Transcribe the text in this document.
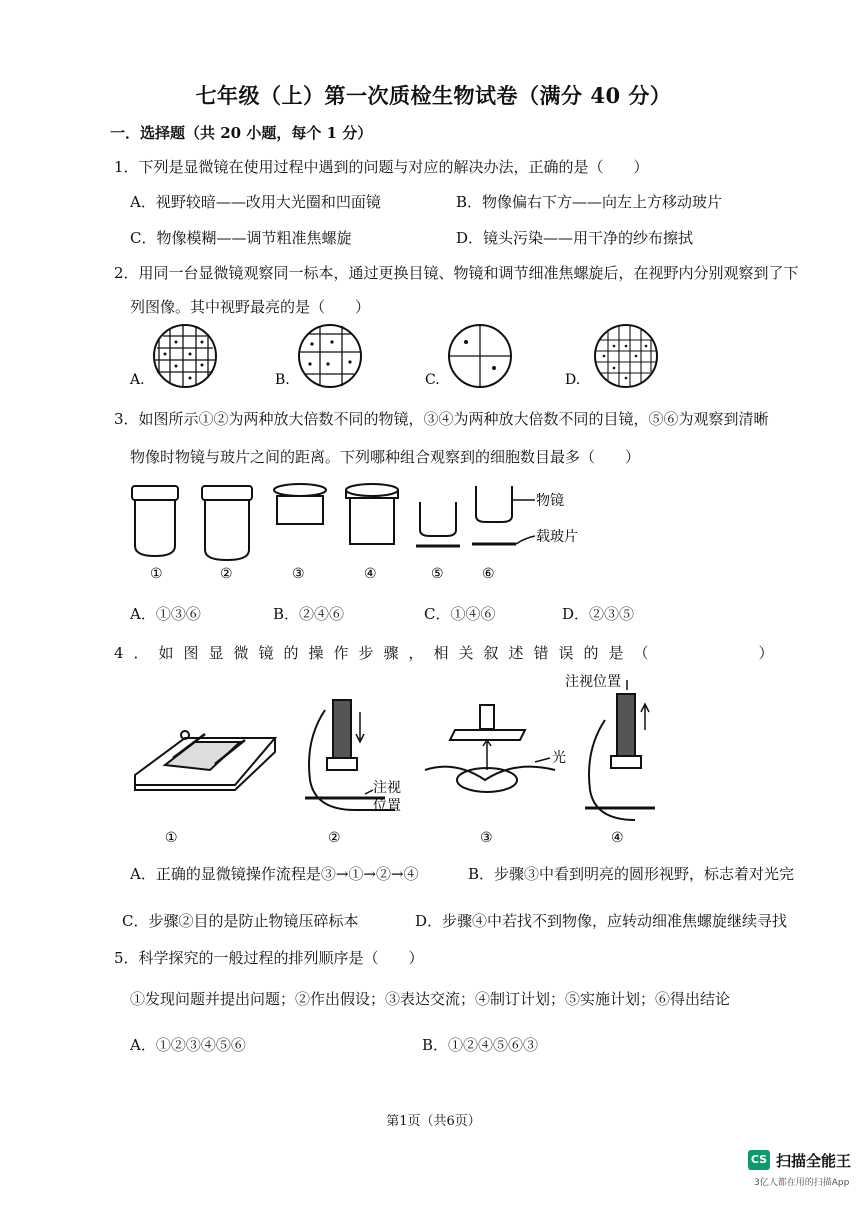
七年级（上）第一次质检生物试卷（满分 40 分）
一．选择题（共 20 小题，每个 1 分）
1．下列是显微镜在使用过程中遇到的问题与对应的解决办法，正确的是（　　）
A．视野较暗——改用大光圈和凹面镜	B．物像偏右下方——向左上方移动玻片
C．物像模糊——调节粗准焦螺旋	D．镜头污染——用干净的纱布擦拭
2．用同一台显微镜观察同一标本，通过更换目镜、物镜和调节细准焦螺旋后，在视野内分别观察到了下
列图像。其中视野最亮的是（　　）
A.	B.	C.	D.
3．如图所示①②为两种放大倍数不同的物镜，③④为两种放大倍数不同的目镜，⑤⑥为观察到清晰
物像时物镜与玻片之间的距离。下列哪种组合观察到的细胞数目最多（　　）
物镜
载玻片
①	②	③	④	⑤	⑥
A．①③⑥	B．②④⑥	C．①④⑥	D．②③⑤
4．如图显微镜的操作步骤，相关叙述错误的是（　　　　）
①
注视
位置
②
光
③
注视位置
④
A．正确的显微镜操作流程是③→①→②→④	B．步骤③中看到明亮的圆形视野，标志着对光完
C．步骤②目的是防止物镜压碎标本	D．步骤④中若找不到物像，应转动细准焦螺旋继续寻找
5．科学探究的一般过程的排列顺序是（　　）
①发现问题并提出问题；②作出假设；③表达交流；④制订计划；⑤实施计划；⑥得出结论
A．①②③④⑤⑥	B．①②④⑤⑥③
第1页（共6页）
CS 扫描全能王
3亿人都在用的扫描App
